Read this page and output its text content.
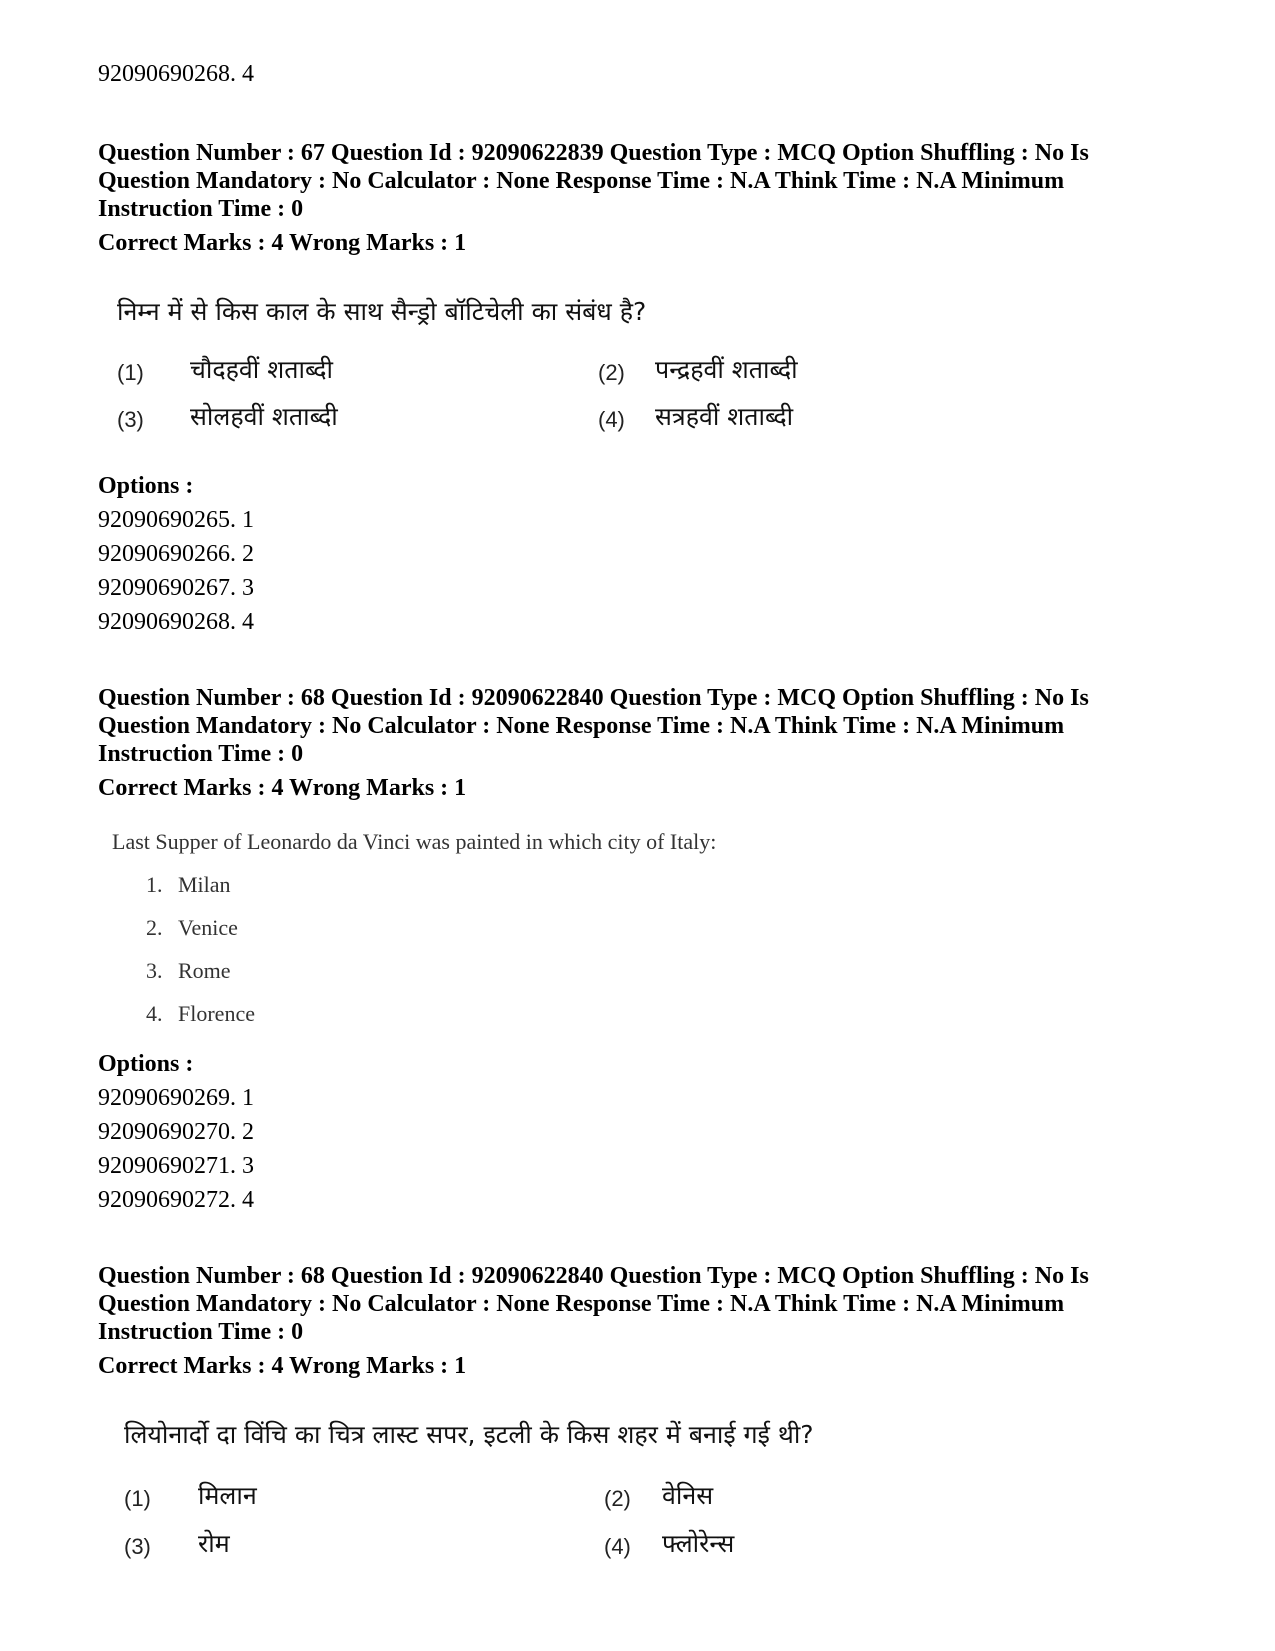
92090690268. 4
Question Number : 67 Question Id : 92090622839 Question Type : MCQ Option Shuffling : No Is Question Mandatory : No Calculator : None Response Time : N.A Think Time : N.A Minimum Instruction Time : 0
Correct Marks : 4 Wrong Marks : 1
निम्न में से किस काल के साथ सैन्ड्रो बॉटिचेली का संबंध है?
(1) चौदहवीं शताब्दी	(2) पन्द्रहवीं शताब्दी
(3) सोलहवीं शताब्दी	(4) सत्रहवीं शताब्दी
Options :
92090690265. 1
92090690266. 2
92090690267. 3
92090690268. 4
Question Number : 68 Question Id : 92090622840 Question Type : MCQ Option Shuffling : No Is Question Mandatory : No Calculator : None Response Time : N.A Think Time : N.A Minimum Instruction Time : 0
Correct Marks : 4 Wrong Marks : 1
Last Supper of Leonardo da Vinci was painted in which city of Italy:
1. Milan
2. Venice
3. Rome
4. Florence
Options :
92090690269. 1
92090690270. 2
92090690271. 3
92090690272. 4
Question Number : 68 Question Id : 92090622840 Question Type : MCQ Option Shuffling : No Is Question Mandatory : No Calculator : None Response Time : N.A Think Time : N.A Minimum Instruction Time : 0
Correct Marks : 4 Wrong Marks : 1
लियोनार्दो दा विंचि का चित्र लास्ट सपर, इटली के किस शहर में बनाई गई थी?
(1) मिलान	(2) वेनिस
(3) रोम	(4) फ्लोरेन्स
